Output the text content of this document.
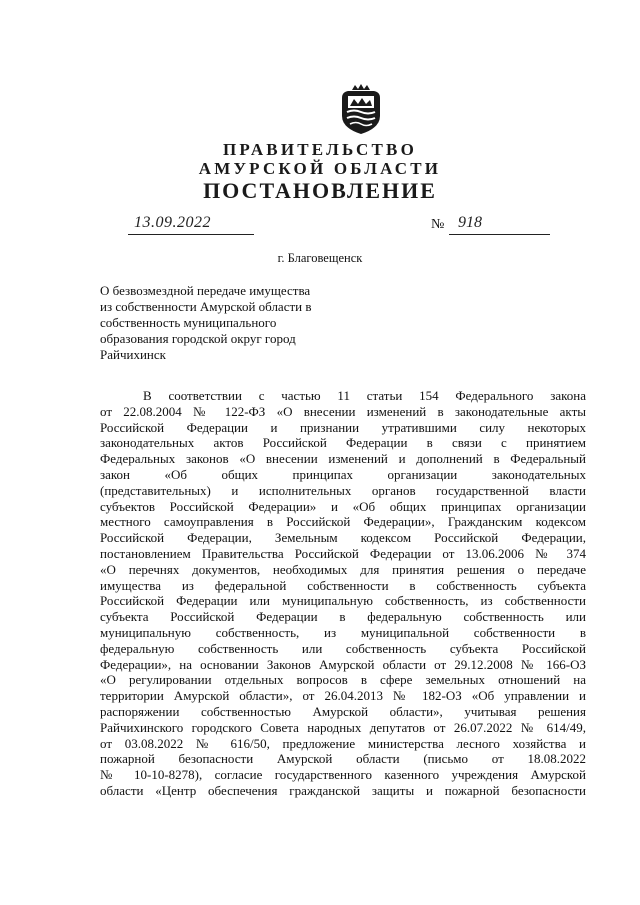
ПРАВИТЕЛЬСТВО
АМУРСКОЙ ОБЛАСТИ
ПОСТАНОВЛЕНИЕ
13.09.2022	№ 918
г. Благовещенск
О безвозмездной передаче имущества
из собственности Амурской области в
собственность муниципального
образования городской округ город
Райчихинск
В соответствии с частью 11 статьи 154 Федерального закона
от 22.08.2004 № 122-ФЗ «О внесении изменений в законодательные акты
Российской Федерации и признании утратившими силу некоторых
законодательных актов Российской Федерации в связи с принятием
Федеральных законов «О внесении изменений и дополнений в Федеральный
закон «Об общих принципах организации законодательных
(представительных) и исполнительных органов государственной власти
субъектов Российской Федерации» и «Об общих принципах организации
местного самоуправления в Российской Федерации», Гражданским кодексом
Российской Федерации, Земельным кодексом Российской Федерации,
постановлением Правительства Российской Федерации от 13.06.2006 № 374
«О перечнях документов, необходимых для принятия решения о передаче
имущества из федеральной собственности в собственность субъекта
Российской Федерации или муниципальную собственность, из собственности
субъекта Российской Федерации в федеральную собственность или
муниципальную собственность, из муниципальной собственности в
федеральную собственность или собственность субъекта Российской
Федерации», на основании Законов Амурской области от 29.12.2008 № 166-ОЗ
«О регулировании отдельных вопросов в сфере земельных отношений на
территории Амурской области», от 26.04.2013 № 182-ОЗ «Об управлении и
распоряжении собственностью Амурской области», учитывая решения
Райчихинского городского Совета народных депутатов от 26.07.2022 № 614/49,
от 03.08.2022 № 616/50, предложение министерства лесного хозяйства и
пожарной безопасности Амурской области (письмо от 18.08.2022
№ 10-10-8278), согласие государственного казенного учреждения Амурской
области «Центр обеспечения гражданской защиты и пожарной безопасности
